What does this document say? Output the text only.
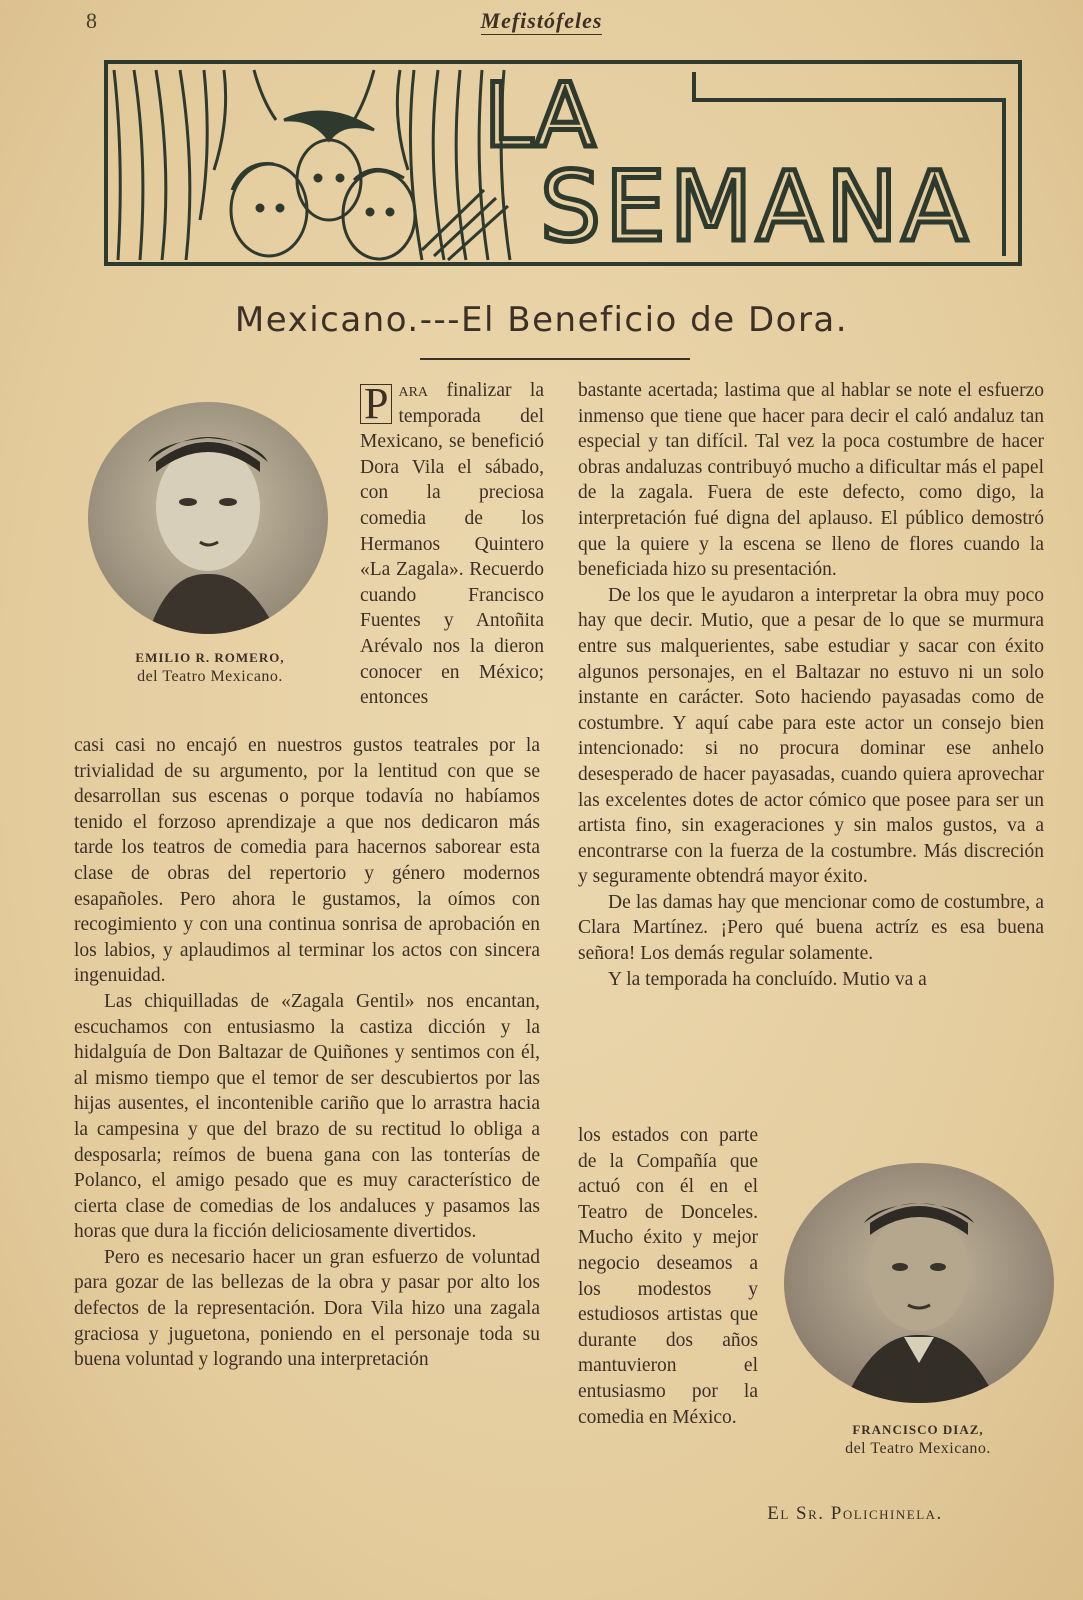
8	Mefistófeles
LA
SEMANA
Mexicano.---El Beneficio de Dora.
EMILIO R. ROMERO,
del Teatro Mexicano.

P ara finalizar la temporada del Mexicano, se benefició Dora Vila el sábado, con la preciosa comedia de los Hermanos Quintero «La Zagala». Recuerdo cuando Francisco Fuentes y Antoñita Arévalo nos la dieron conocer en México; entonces

casi casi no encajó en nuestros gustos teatrales por la trivialidad de su argumento, por la lentitud con que se desarrollan sus escenas o porque todavía no habíamos tenido el forzoso aprendizaje a que nos dedicaron más tarde los teatros de comedia para hacernos saborear esta clase de obras del repertorio y género modernos esapañoles. Pero ahora le gustamos, la oímos con recogimiento y con una continua sonrisa de aprobación en los labios, y aplaudimos al terminar los actos con sincera ingenuidad.

Las chiquilladas de «Zagala Gentil» nos encantan, escuchamos con entusiasmo la castiza dicción y la hidalguía de Don Baltazar de Quiñones y sentimos con él, al mismo tiempo que el temor de ser descubiertos por las hijas ausentes, el incontenible cariño que lo arrastra hacia la campesina y que del brazo de su rectitud lo obliga a desposarla; reímos de buena gana con las tonterías de Polanco, el amigo pesado que es muy característico de cierta clase de comedias de los andaluces y pasamos las horas que dura la ficción deliciosamente divertidos.

Pero es necesario hacer un gran esfuerzo de voluntad para gozar de las bellezas de la obra y pasar por alto los defectos de la representación. Dora Vila hizo una zagala graciosa y juguetona, poniendo en el personaje toda su buena voluntad y logrando una interpretación

bastante acertada; lastima que al hablar se note el esfuerzo inmenso que tiene que hacer para decir el caló andaluz tan especial y tan difícil. Tal vez la poca costumbre de hacer obras andaluzas contribuyó mucho a dificultar más el papel de la zagala. Fuera de este defecto, como digo, la interpretación fué digna del aplauso. El público demostró que la quiere y la escena se lleno de flores cuando la beneficiada hizo su presentación.

De los que le ayudaron a interpretar la obra muy poco hay que decir. Mutio, que a pesar de lo que se murmura entre sus malquerientes, sabe estudiar y sacar con éxito algunos personajes, en el Baltazar no estuvo ni un solo instante en carácter. Soto haciendo payasadas como de costumbre. Y aquí cabe para este actor un consejo bien intencionado: si no procura dominar ese anhelo desesperado de hacer payasadas, cuando quiera aprovechar las excelentes dotes de actor cómico que posee para ser un artista fino, sin exageraciones y sin malos gustos, va a encontrarse con la fuerza de la costumbre. Más discreción y seguramente obtendrá mayor éxito.

De las damas hay que mencionar como de costumbre, a Clara Martínez. ¡Pero qué buena actríz es esa buena señora! Los demás regular solamente.

Y la temporada ha concluído. Mutio va a

los estados con parte de la Compañía que actuó con él en el Teatro de Donceles. Mucho éxito y mejor negocio deseamos a los modestos y estudiosos artistas que durante dos años mantuvieron el entusiasmo por la comedia en México.

FRANCISCO DIAZ,
del Teatro Mexicano.
El Sr. Polichinela.
